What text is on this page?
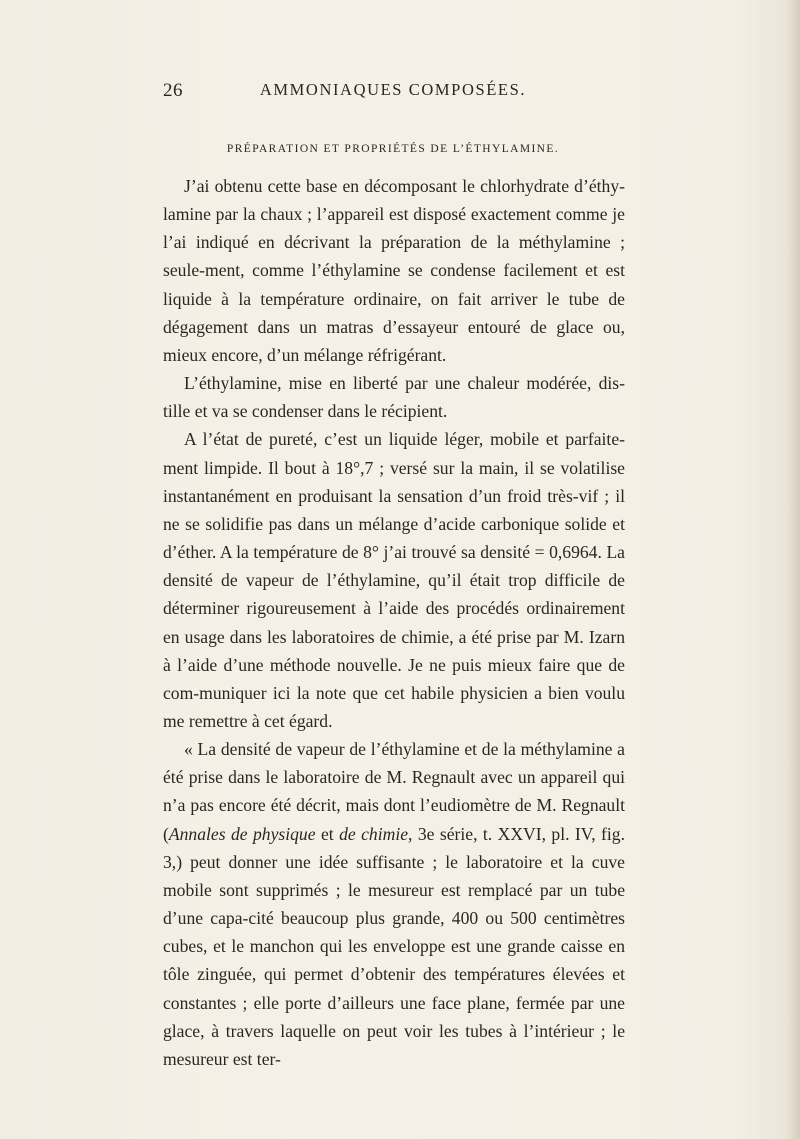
26	AMMONIAQUES COMPOSÉES.
PRÉPARATION ET PROPRIÉTÉS DE L’ÉTHYLAMINE.

J’ai obtenu cette base en décomposant le chlorhydrate d’éthy-lamine par la chaux ; l’appareil est disposé exactement comme je l’ai indiqué en décrivant la préparation de la méthylamine ; seule-ment, comme l’éthylamine se condense facilement et est liquide à la température ordinaire, on fait arriver le tube de dégagement dans un matras d’essayeur entouré de glace ou, mieux encore, d’un mélange réfrigérant.

L’éthylamine, mise en liberté par une chaleur modérée, dis-tille et va se condenser dans le récipient.

A l’état de pureté, c’est un liquide léger, mobile et parfaite-ment limpide. Il bout à 18°,7 ; versé sur la main, il se volatilise instantanément en produisant la sensation d’un froid très-vif ; il ne se solidifie pas dans un mélange d’acide carbonique solide et d’éther. A la température de 8° j’ai trouvé sa densité = 0,6964. La densité de vapeur de l’éthylamine, qu’il était trop difficile de déterminer rigoureusement à l’aide des procédés ordinairement en usage dans les laboratoires de chimie, a été prise par M. Izarn à l’aide d’une méthode nouvelle. Je ne puis mieux faire que de com-muniquer ici la note que cet habile physicien a bien voulu me remettre à cet égard.

« La densité de vapeur de l’éthylamine et de la méthylamine a été prise dans le laboratoire de M. Regnault avec un appareil qui n’a pas encore été décrit, mais dont l’eudiomètre de M. Regnault (Annales de physique et de chimie, 3e série, t. XXVI, pl. IV, fig. 3,) peut donner une idée suffisante ; le laboratoire et la cuve mobile sont supprimés ; le mesureur est remplacé par un tube d’une capa-cité beaucoup plus grande, 400 ou 500 centimètres cubes, et le manchon qui les enveloppe est une grande caisse en tôle zinguée, qui permet d’obtenir des températures élevées et constantes ; elle porte d’ailleurs une face plane, fermée par une glace, à travers laquelle on peut voir les tubes à l’intérieur ; le mesureur est ter-
